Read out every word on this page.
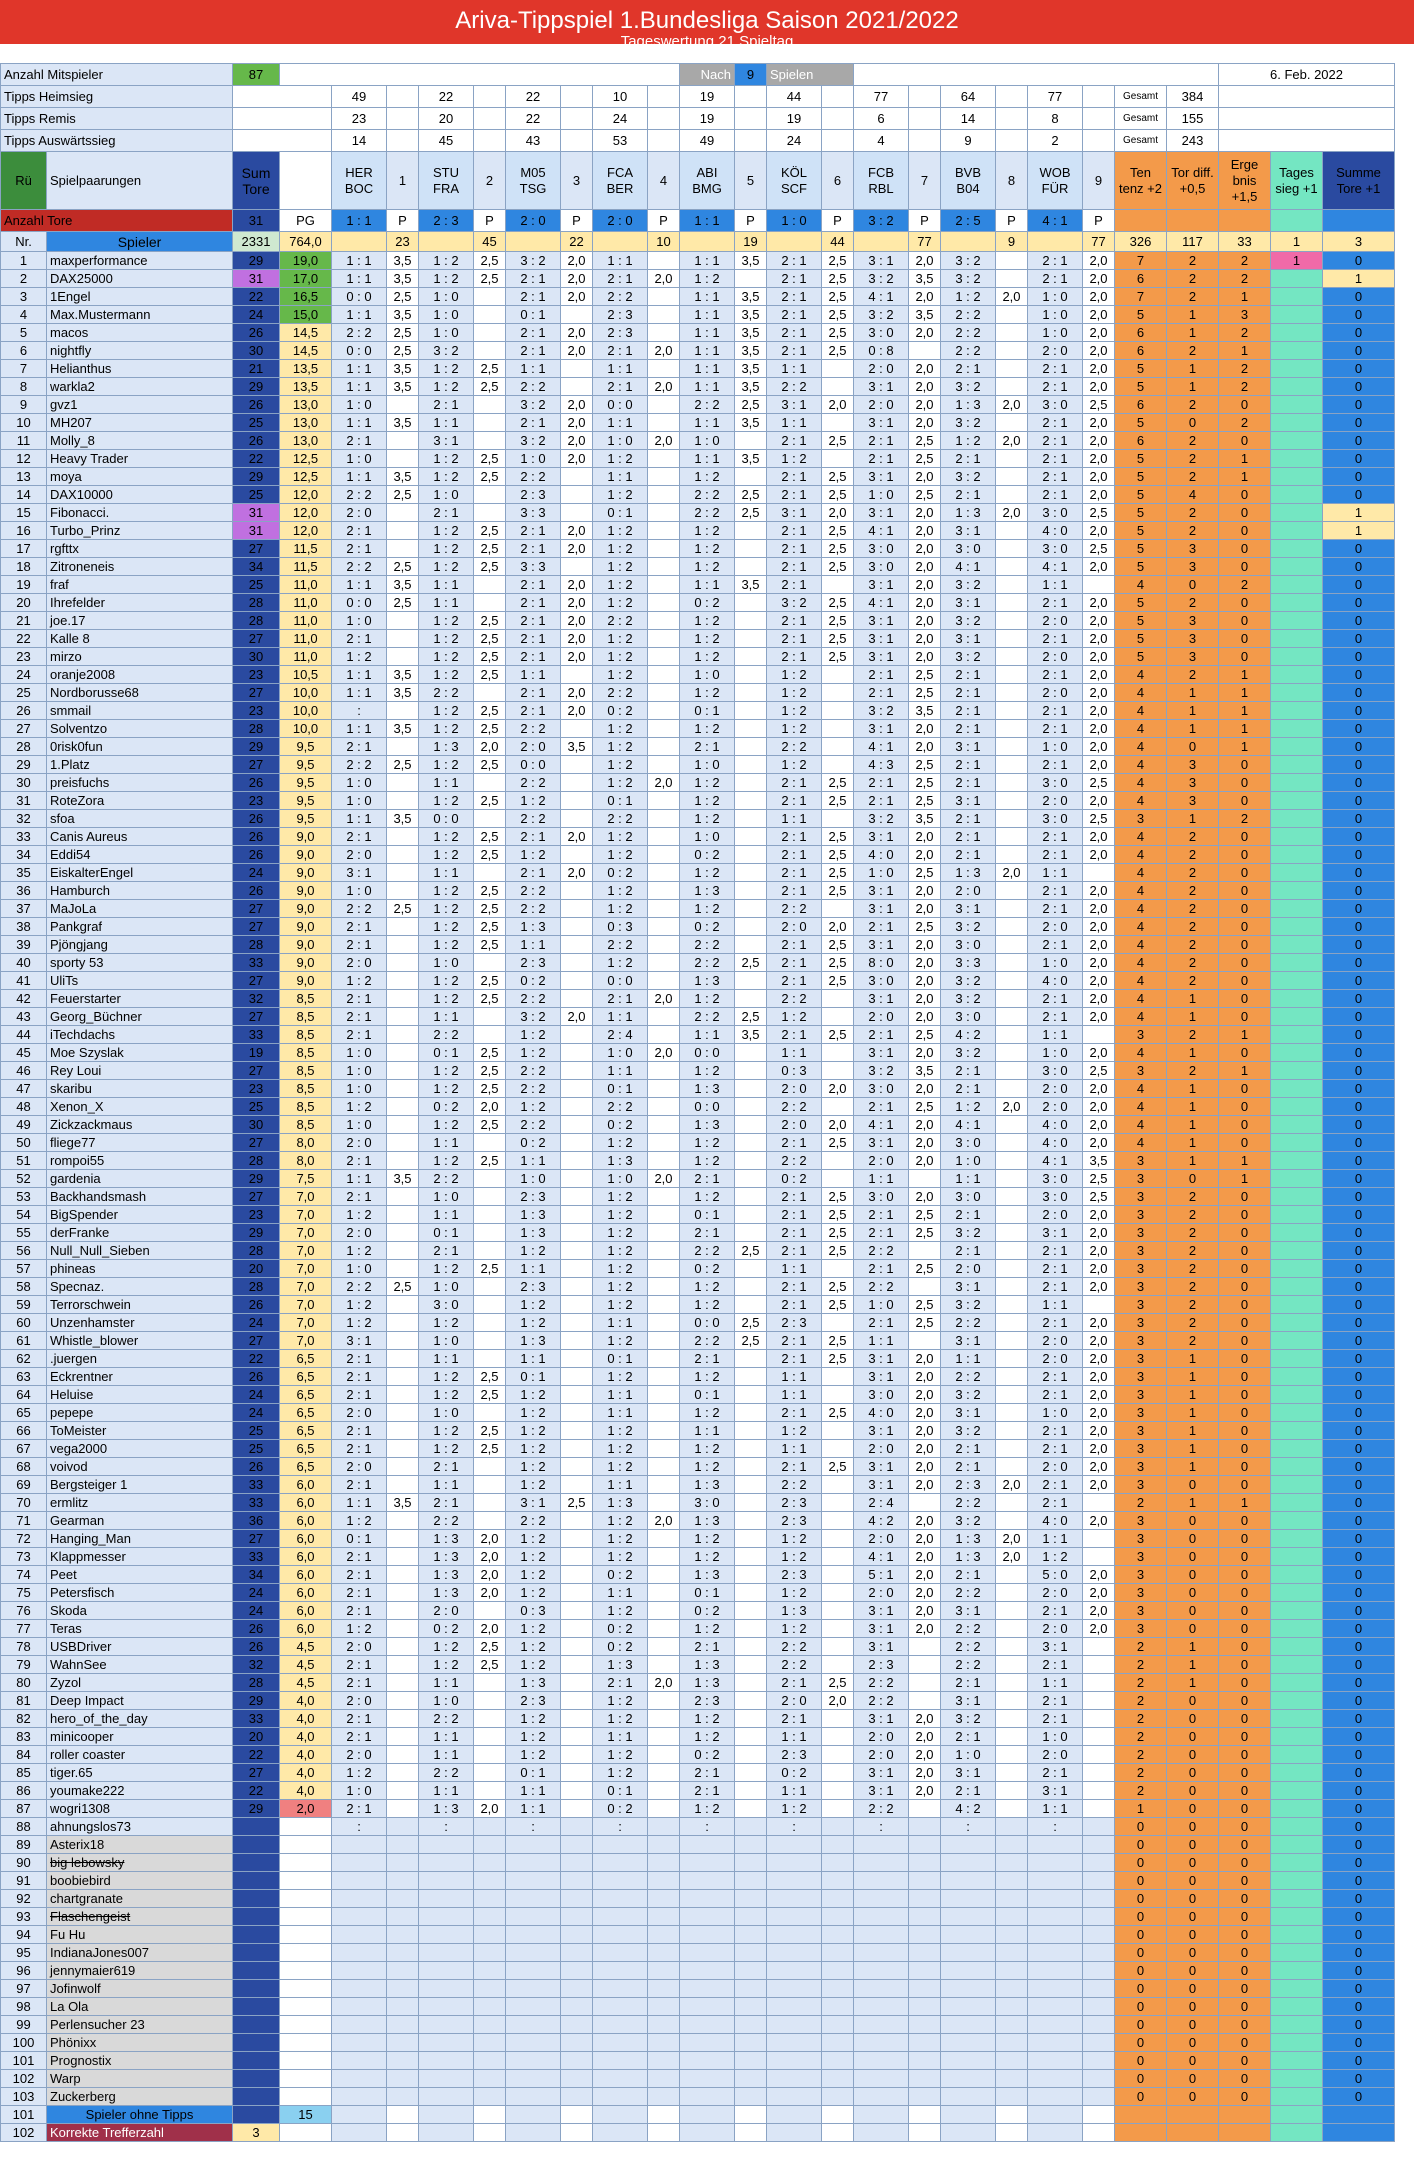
Ariva-Tippspiel 1.Bundesliga Saison 2021/2022
Tageswertung 21.Spieltag
Anzahl Mitspieler		87										Nach	9	Spielen										6. Feb. 2022		
Tipps Heimsieg				49		22		22		10		19		44		77		64		77		Gesamt	384			
Tipps Remis				23		20		22		24		19		19		6		14		8		Gesamt	155			
Tipps Auswärtssieg				14		45		43		53		49		24		4		9		2		Gesamt	243			
Rü	Spielpaarungen	Sum Tore		HER BOC	1	STU FRA	2	M05 TSG	3	FCA BER	4	ABI BMG	5	KÖL SCF	6	FCB RBL	7	BVB B04	8	WOB FÜR	9	Ten tenz +2	Tor diff. +0,5	Erge bnis +1,5	Tages sieg +1	Summe Tore +1
Anzahl Tore		31	PG	1 : 1	P	2 : 3	P	2 : 0	P	2 : 0	P	1 : 1	P	1 : 0	P	3 : 2	P	2 : 5	P	4 : 1	P					
Nr.	Spieler	2331	764,0		23		45		22		10		19		44		77		9		77	326	117	33	1	3
1	maxperformance	29	19,0	1 : 1	3,5	1 : 2	2,5	3 : 2	2,0	1 : 1		1 : 1	3,5	2 : 1	2,5	3 : 1	2,0	3 : 2		2 : 1	2,0	7	2	2	1	0
2	DAX25000	31	17,0	1 : 1	3,5	1 : 2	2,5	2 : 1	2,0	2 : 1	2,0	1 : 2		2 : 1	2,5	3 : 2	3,5	3 : 2		2 : 1	2,0	6	2	2		1
3	1Engel	22	16,5	0 : 0	2,5	1 : 0		2 : 1	2,0	2 : 2		1 : 1	3,5	2 : 1	2,5	4 : 1	2,0	1 : 2	2,0	1 : 0	2,0	7	2	1		0
4	Max.Mustermann	24	15,0	1 : 1	3,5	1 : 0		0 : 1		2 : 3		1 : 1	3,5	2 : 1	2,5	3 : 2	3,5	2 : 2		1 : 0	2,0	5	1	3		0
5	macos	26	14,5	2 : 2	2,5	1 : 0		2 : 1	2,0	2 : 3		1 : 1	3,5	2 : 1	2,5	3 : 0	2,0	2 : 2		1 : 0	2,0	6	1	2		0
6	nightfly	30	14,5	0 : 0	2,5	3 : 2		2 : 1	2,0	2 : 1	2,0	1 : 1	3,5	2 : 1	2,5	0 : 8		2 : 2		2 : 0	2,0	6	2	1		0
7	Helianthus	21	13,5	1 : 1	3,5	1 : 2	2,5	1 : 1		1 : 1		1 : 1	3,5	1 : 1		2 : 0	2,0	2 : 1		2 : 1	2,0	5	1	2		0
8	warkla2	29	13,5	1 : 1	3,5	1 : 2	2,5	2 : 2		2 : 1	2,0	1 : 1	3,5	2 : 2		3 : 1	2,0	3 : 2		2 : 1	2,0	5	1	2		0
9	gvz1	26	13,0	1 : 0		2 : 1		3 : 2	2,0	0 : 0		2 : 2	2,5	3 : 1	2,0	2 : 0	2,0	1 : 3	2,0	3 : 0	2,5	6	2	0		0
10	MH207	25	13,0	1 : 1	3,5	1 : 1		2 : 1	2,0	1 : 1		1 : 1	3,5	1 : 1		3 : 1	2,0	3 : 2		2 : 1	2,0	5	0	2		0
11	Molly_8	26	13,0	2 : 1		3 : 1		3 : 2	2,0	1 : 0	2,0	1 : 0		2 : 1	2,5	2 : 1	2,5	1 : 2	2,0	2 : 1	2,0	6	2	0		0
12	Heavy Trader	22	12,5	1 : 0		1 : 2	2,5	1 : 0	2,0	1 : 2		1 : 1	3,5	1 : 2		2 : 1	2,5	2 : 1		2 : 1	2,0	5	2	1		0
13	moya	29	12,5	1 : 1	3,5	1 : 2	2,5	2 : 2		1 : 1		1 : 2		2 : 1	2,5	3 : 1	2,0	3 : 2		2 : 1	2,0	5	2	1		0
14	DAX10000	25	12,0	2 : 2	2,5	1 : 0		2 : 3		1 : 2		2 : 2	2,5	2 : 1	2,5	1 : 0	2,5	2 : 1		2 : 1	2,0	5	4	0		0
15	Fibonacci.	31	12,0	2 : 0		2 : 1		3 : 3		0 : 1		2 : 2	2,5	3 : 1	2,0	3 : 1	2,0	1 : 3	2,0	3 : 0	2,5	5	2	0		1
16	Turbo_Prinz	31	12,0	2 : 1		1 : 2	2,5	2 : 1	2,0	1 : 2		1 : 2		2 : 1	2,5	4 : 1	2,0	3 : 1		4 : 0	2,0	5	2	0		1
17	rgfttx	27	11,5	2 : 1		1 : 2	2,5	2 : 1	2,0	1 : 2		1 : 2		2 : 1	2,5	3 : 0	2,0	3 : 0		3 : 0	2,5	5	3	0		0
18	Zitroneneis	34	11,5	2 : 2	2,5	1 : 2	2,5	3 : 3		1 : 2		1 : 2		2 : 1	2,5	3 : 0	2,0	4 : 1		4 : 1	2,0	5	3	0		0
19	fraf	25	11,0	1 : 1	3,5	1 : 1		2 : 1	2,0	1 : 2		1 : 1	3,5	2 : 1		3 : 1	2,0	3 : 2		1 : 1		4	0	2		0
20	Ihrefelder	28	11,0	0 : 0	2,5	1 : 1		2 : 1	2,0	1 : 2		0 : 2		3 : 2	2,5	4 : 1	2,0	3 : 1		2 : 1	2,0	5	2	0		0
21	joe.17	28	11,0	1 : 0		1 : 2	2,5	2 : 1	2,0	2 : 2		1 : 2		2 : 1	2,5	3 : 1	2,0	3 : 2		2 : 0	2,0	5	3	0		0
22	Kalle 8	27	11,0	2 : 1		1 : 2	2,5	2 : 1	2,0	1 : 2		1 : 2		2 : 1	2,5	3 : 1	2,0	3 : 1		2 : 1	2,0	5	3	0		0
23	mirzo	30	11,0	1 : 2		1 : 2	2,5	2 : 1	2,0	1 : 2		1 : 2		2 : 1	2,5	3 : 1	2,0	3 : 2		2 : 0	2,0	5	3	0		0
24	oranje2008	23	10,5	1 : 1	3,5	1 : 2	2,5	1 : 1		1 : 2		1 : 0		1 : 2		2 : 1	2,5	2 : 1		2 : 1	2,0	4	2	1		0
25	Nordborusse68	27	10,0	1 : 1	3,5	2 : 2		2 : 1	2,0	2 : 2		1 : 2		1 : 2		2 : 1	2,5	2 : 1		2 : 0	2,0	4	1	1		0
26	smmail	23	10,0	:		1 : 2	2,5	2 : 1	2,0	0 : 2		0 : 1		1 : 2		3 : 2	3,5	2 : 1		2 : 1	2,0	4	1	1		0
27	Solventzo	28	10,0	1 : 1	3,5	1 : 2	2,5	2 : 2		1 : 2		1 : 2		1 : 2		3 : 1	2,0	2 : 1		2 : 1	2,0	4	1	1		0
28	0risk0fun	29	9,5	2 : 1		1 : 3	2,0	2 : 0	3,5	1 : 2		2 : 1		2 : 2		4 : 1	2,0	3 : 1		1 : 0	2,0	4	0	1		0
29	1.Platz	27	9,5	2 : 2	2,5	1 : 2	2,5	0 : 0		1 : 2		1 : 0		1 : 2		4 : 3	2,5	2 : 1		2 : 1	2,0	4	3	0		0
30	preisfuchs	26	9,5	1 : 0		1 : 1		2 : 2		1 : 2	2,0	1 : 2		2 : 1	2,5	2 : 1	2,5	2 : 1		3 : 0	2,5	4	3	0		0
31	RoteZora	23	9,5	1 : 0		1 : 2	2,5	1 : 2		0 : 1		1 : 2		2 : 1	2,5	2 : 1	2,5	3 : 1		2 : 0	2,0	4	3	0		0
32	sfoa	26	9,5	1 : 1	3,5	0 : 0		2 : 2		2 : 2		1 : 2		1 : 1		3 : 2	3,5	2 : 1		3 : 0	2,5	3	1	2		0
33	Canis Aureus	26	9,0	2 : 1		1 : 2	2,5	2 : 1	2,0	1 : 2		1 : 0		2 : 1	2,5	3 : 1	2,0	2 : 1		2 : 1	2,0	4	2	0		0
34	Eddi54	26	9,0	2 : 0		1 : 2	2,5	1 : 2		1 : 2		0 : 2		2 : 1	2,5	4 : 0	2,0	2 : 1		2 : 1	2,0	4	2	0		0
35	EiskalterEngel	24	9,0	3 : 1		1 : 1		2 : 1	2,0	0 : 2		1 : 2		2 : 1	2,5	1 : 0	2,5	1 : 3	2,0	1 : 1		4	2	0		0
36	Hamburch	26	9,0	1 : 0		1 : 2	2,5	2 : 2		1 : 2		1 : 3		2 : 1	2,5	3 : 1	2,0	2 : 0		2 : 1	2,0	4	2	0		0
37	MaJoLa	27	9,0	2 : 2	2,5	1 : 2	2,5	2 : 2		1 : 2		1 : 2		2 : 2		3 : 1	2,0	3 : 1		2 : 1	2,0	4	2	0		0
38	Pankgraf	27	9,0	2 : 1		1 : 2	2,5	1 : 3		0 : 3		0 : 2		2 : 0	2,0	2 : 1	2,5	3 : 2		2 : 0	2,0	4	2	0		0
39	Pjöngjang	28	9,0	2 : 1		1 : 2	2,5	1 : 1		2 : 2		2 : 2		2 : 1	2,5	3 : 1	2,0	3 : 0		2 : 1	2,0	4	2	0		0
40	sporty 53	33	9,0	2 : 0		1 : 0		2 : 3		1 : 2		2 : 2	2,5	2 : 1	2,5	8 : 0	2,0	3 : 3		1 : 0	2,0	4	2	0		0
41	UliTs	27	9,0	1 : 2		1 : 2	2,5	0 : 2		0 : 0		1 : 3		2 : 1	2,5	3 : 0	2,0	3 : 2		4 : 0	2,0	4	2	0		0
42	Feuerstarter	32	8,5	2 : 1		1 : 2	2,5	2 : 2		2 : 1	2,0	1 : 2		2 : 2		3 : 1	2,0	3 : 2		2 : 1	2,0	4	1	0		0
43	Georg_Büchner	27	8,5	2 : 1		1 : 1		3 : 2	2,0	1 : 1		2 : 2	2,5	1 : 2		2 : 0	2,0	3 : 0		2 : 1	2,0	4	1	0		0
44	iTechdachs	33	8,5	2 : 1		2 : 2		1 : 2		2 : 4		1 : 1	3,5	2 : 1	2,5	2 : 1	2,5	4 : 2		1 : 1		3	2	1		0
45	Moe Szyslak	19	8,5	1 : 0		0 : 1	2,5	1 : 2		1 : 0	2,0	0 : 0		1 : 1		3 : 1	2,0	3 : 2		1 : 0	2,0	4	1	0		0
46	Rey Loui	27	8,5	1 : 0		1 : 2	2,5	2 : 2		1 : 1		1 : 2		0 : 3		3 : 2	3,5	2 : 1		3 : 0	2,5	3	2	1		0
47	skaribu	23	8,5	1 : 0		1 : 2	2,5	2 : 2		0 : 1		1 : 3		2 : 0	2,0	3 : 0	2,0	2 : 1		2 : 0	2,0	4	1	0		0
48	Xenon_X	25	8,5	1 : 2		0 : 2	2,0	1 : 2		2 : 2		0 : 0		2 : 2		2 : 1	2,5	1 : 2	2,0	2 : 0	2,0	4	1	0		0
49	Zickzackmaus	30	8,5	1 : 0		1 : 2	2,5	2 : 2		0 : 2		1 : 3		2 : 0	2,0	4 : 1	2,0	4 : 1		4 : 0	2,0	4	1	0		0
50	fliege77	27	8,0	2 : 0		1 : 1		0 : 2		1 : 2		1 : 2		2 : 1	2,5	3 : 1	2,0	3 : 0		4 : 0	2,0	4	1	0		0
51	rompoi55	28	8,0	2 : 1		1 : 2	2,5	1 : 1		1 : 3		1 : 2		2 : 2		2 : 0	2,0	1 : 0		4 : 1	3,5	3	1	1		0
52	gardenia	29	7,5	1 : 1	3,5	2 : 2		1 : 0		1 : 0	2,0	2 : 1		0 : 2		1 : 1		1 : 1		3 : 0	2,5	3	0	1		0
53	Backhandsmash	27	7,0	2 : 1		1 : 0		2 : 3		1 : 2		1 : 2		2 : 1	2,5	3 : 0	2,0	3 : 0		3 : 0	2,5	3	2	0		0
54	BigSpender	23	7,0	1 : 2		1 : 1		1 : 3		1 : 2		0 : 1		2 : 1	2,5	2 : 1	2,5	2 : 1		2 : 0	2,0	3	2	0		0
55	derFranke	29	7,0	2 : 0		0 : 1		1 : 3		1 : 2		2 : 1		2 : 1	2,5	2 : 1	2,5	3 : 2		3 : 1	2,0	3	2	0		0
56	Null_Null_Sieben	28	7,0	1 : 2		2 : 1		1 : 2		1 : 2		2 : 2	2,5	2 : 1	2,5	2 : 2		2 : 1		2 : 1	2,0	3	2	0		0
57	phineas	20	7,0	1 : 0		1 : 2	2,5	1 : 1		1 : 2		0 : 2		1 : 1		2 : 1	2,5	2 : 0		2 : 1	2,0	3	2	0		0
58	Specnaz.	28	7,0	2 : 2	2,5	1 : 0		2 : 3		1 : 2		1 : 2		2 : 1	2,5	2 : 2		3 : 1		2 : 1	2,0	3	2	0		0
59	Terrorschwein	26	7,0	1 : 2		3 : 0		1 : 2		1 : 2		1 : 2		2 : 1	2,5	1 : 0	2,5	3 : 2		1 : 1		3	2	0		0
60	Unzenhamster	24	7,0	1 : 2		1 : 2		1 : 2		1 : 1		0 : 0	2,5	2 : 3		2 : 1	2,5	2 : 2		2 : 1	2,0	3	2	0		0
61	Whistle_blower	27	7,0	3 : 1		1 : 0		1 : 3		1 : 2		2 : 2	2,5	2 : 1	2,5	1 : 1		3 : 1		2 : 0	2,0	3	2	0		0
62	.juergen	22	6,5	2 : 1		1 : 1		1 : 1		0 : 1		2 : 1		2 : 1	2,5	3 : 1	2,0	1 : 1		2 : 0	2,0	3	1	0		0
63	Eckrentner	26	6,5	2 : 1		1 : 2	2,5	0 : 1		1 : 2		1 : 2		1 : 1		3 : 1	2,0	2 : 2		2 : 1	2,0	3	1	0		0
64	Heluise	24	6,5	2 : 1		1 : 2	2,5	1 : 2		1 : 1		0 : 1		1 : 1		3 : 0	2,0	3 : 2		2 : 1	2,0	3	1	0		0
65	pepepe	24	6,5	2 : 0		1 : 0		1 : 2		1 : 1		1 : 2		2 : 1	2,5	4 : 0	2,0	3 : 1		1 : 0	2,0	3	1	0		0
66	ToMeister	25	6,5	2 : 1		1 : 2	2,5	1 : 2		1 : 2		1 : 1		1 : 2		3 : 1	2,0	3 : 2		2 : 1	2,0	3	1	0		0
67	vega2000	25	6,5	2 : 1		1 : 2	2,5	1 : 2		1 : 2		1 : 2		1 : 1		2 : 0	2,0	2 : 1		2 : 1	2,0	3	1	0		0
68	voivod	26	6,5	2 : 0		2 : 1		1 : 2		1 : 2		1 : 2		2 : 1	2,5	3 : 1	2,0	2 : 1		2 : 0	2,0	3	1	0		0
69	Bergsteiger 1	33	6,0	2 : 1		1 : 1		1 : 2		1 : 1		1 : 3		2 : 2		3 : 1	2,0	2 : 3	2,0	2 : 1	2,0	3	0	0		0
70	ermlitz	33	6,0	1 : 1	3,5	2 : 1		3 : 1	2,5	1 : 3		3 : 0		2 : 3		2 : 4		2 : 2		2 : 1		2	1	1		0
71	Gearman	36	6,0	1 : 2		2 : 2		2 : 2		1 : 2	2,0	1 : 3		2 : 3		4 : 2	2,0	3 : 2		4 : 0	2,0	3	0	0		0
72	Hanging_Man	27	6,0	0 : 1		1 : 3	2,0	1 : 2		1 : 2		1 : 2		1 : 2		2 : 0	2,0	1 : 3	2,0	1 : 1		3	0	0		0
73	Klappmesser	33	6,0	2 : 1		1 : 3	2,0	1 : 2		1 : 2		1 : 2		1 : 2		4 : 1	2,0	1 : 3	2,0	1 : 2		3	0	0		0
74	Peet	34	6,0	2 : 1		1 : 3	2,0	1 : 2		0 : 2		1 : 3		2 : 3		5 : 1	2,0	2 : 1		5 : 0	2,0	3	0	0		0
75	Petersfisch	24	6,0	2 : 1		1 : 3	2,0	1 : 2		1 : 1		0 : 1		1 : 2		2 : 0	2,0	2 : 2		2 : 0	2,0	3	0	0		0
76	Skoda	24	6,0	2 : 1		2 : 0		0 : 3		1 : 2		0 : 2		1 : 3		3 : 1	2,0	3 : 1		2 : 1	2,0	3	0	0		0
77	Teras	26	6,0	1 : 2		0 : 2	2,0	1 : 2		0 : 2		1 : 2		1 : 2		3 : 1	2,0	2 : 2		2 : 0	2,0	3	0	0		0
78	USBDriver	26	4,5	2 : 0		1 : 2	2,5	1 : 2		0 : 2		2 : 1		2 : 2		3 : 1		2 : 2		3 : 1		2	1	0		0
79	WahnSee	32	4,5	2 : 1		1 : 2	2,5	1 : 2		1 : 3		1 : 3		2 : 2		2 : 3		2 : 2		2 : 1		2	1	0		0
80	Zyzol	28	4,5	2 : 1		1 : 1		1 : 3		2 : 1	2,0	1 : 3		2 : 1	2,5	2 : 2		2 : 1		1 : 1		2	1	0		0
81	Deep Impact	29	4,0	2 : 0		1 : 0		2 : 3		1 : 2		2 : 3		2 : 0	2,0	2 : 2		3 : 1		2 : 1		2	0	0		0
82	hero_of_the_day	33	4,0	2 : 1		2 : 2		1 : 2		1 : 2		1 : 2		2 : 1		3 : 1	2,0	3 : 2		2 : 1		2	0	0		0
83	minicooper	20	4,0	2 : 1		1 : 1		1 : 2		1 : 1		1 : 2		1 : 1		2 : 0	2,0	2 : 1		1 : 0		2	0	0		0
84	roller coaster	22	4,0	2 : 0		1 : 1		1 : 2		1 : 2		0 : 2		2 : 3		2 : 0	2,0	1 : 0		2 : 0		2	0	0		0
85	tiger.65	27	4,0	1 : 2		2 : 2		0 : 1		1 : 2		2 : 1		0 : 2		3 : 1	2,0	3 : 1		2 : 1		2	0	0		0
86	youmake222	22	4,0	1 : 0		1 : 1		1 : 1		0 : 1		2 : 1		1 : 1		3 : 1	2,0	2 : 1		3 : 1		2	0	0		0
87	wogri1308	29	2,0	2 : 1		1 : 3	2,0	1 : 1		0 : 2		1 : 2		1 : 2		2 : 2		4 : 2		1 : 1		1	0	0		0
88	ahnungslos73			:		:		:		:		:		:		:		:		:		0	0	0		0
89	Asterix18																					0	0	0		0
90	big lebowsky																					0	0	0		0
91	boobiebird																					0	0	0		0
92	chartgranate																					0	0	0		0
93	Flaschengeist																					0	0	0		0
94	Fu Hu																					0	0	0		0
95	IndianaJones007																					0	0	0		0
96	jennymaier619																					0	0	0		0
97	Jofinwolf																					0	0	0		0
98	La Ola																					0	0	0		0
99	Perlensucher 23																					0	0	0		0
100	Phönixx																					0	0	0		0
101	Prognostix																					0	0	0		0
102	Warp																					0	0	0		0
103	Zuckerberg																					0	0	0		0
101	Spieler ohne Tipps		15																							
102	Korrekte Trefferzahl	3																								
